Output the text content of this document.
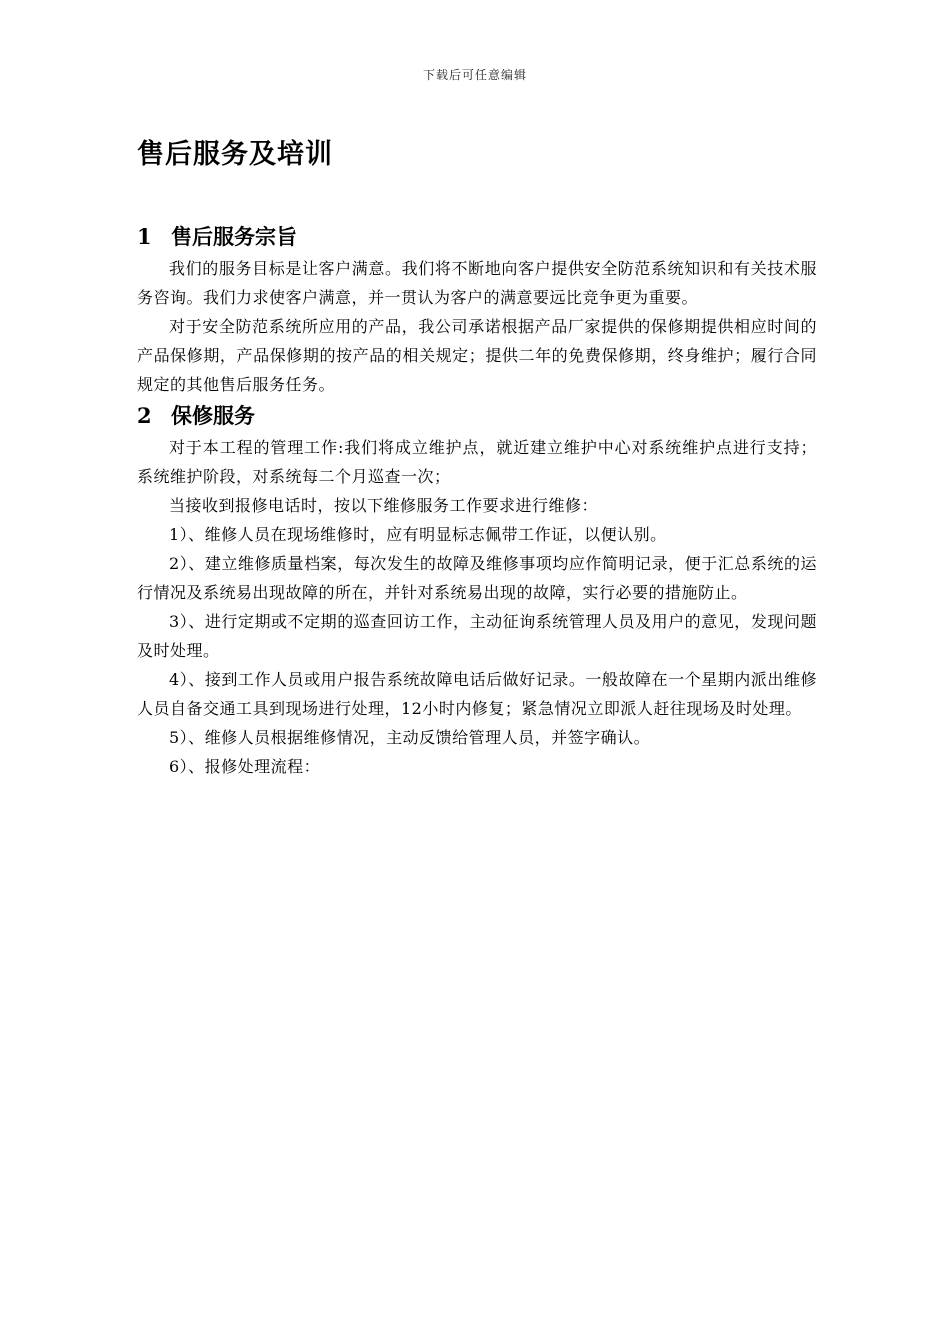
下载后可任意编辑
售后服务及培训
1 售后服务宗旨

我们的服务目标是让客户满意。我们将不断地向客户提供安全防范系统知识和有关技术服务咨询。我们力求使客户满意，并一贯认为客户的满意要远比竞争更为重要。

对于安全防范系统所应用的产品，我公司承诺根据产品厂家提供的保修期提供相应时间的产品保修期，产品保修期的按产品的相关规定；提供二年的免费保修期，终身维护；履行合同规定的其他售后服务任务。

2 保修服务

对于本工程的管理工作:我们将成立维护点，就近建立维护中心对系统维护点进行支持；系统维护阶段，对系统每二个月巡查一次；

当接收到报修电话时，按以下维修服务工作要求进行维修：

1）、维修人员在现场维修时，应有明显标志佩带工作证，以便认别。

2）、建立维修质量档案，每次发生的故障及维修事项均应作简明记录，便于汇总系统的运行情况及系统易出现故障的所在，并针对系统易出现的故障，实行必要的措施防止。

3）、进行定期或不定期的巡查回访工作，主动征询系统管理人员及用户的意见，发现问题及时处理。

4）、接到工作人员或用户报告系统故障电话后做好记录。一般故障在一个星期内派出维修人员自备交通工具到现场进行处理，12小时内修复；紧急情况立即派人赶往现场及时处理。

5）、维修人员根据维修情况，主动反馈给管理人员，并签字确认。

6）、报修处理流程：
